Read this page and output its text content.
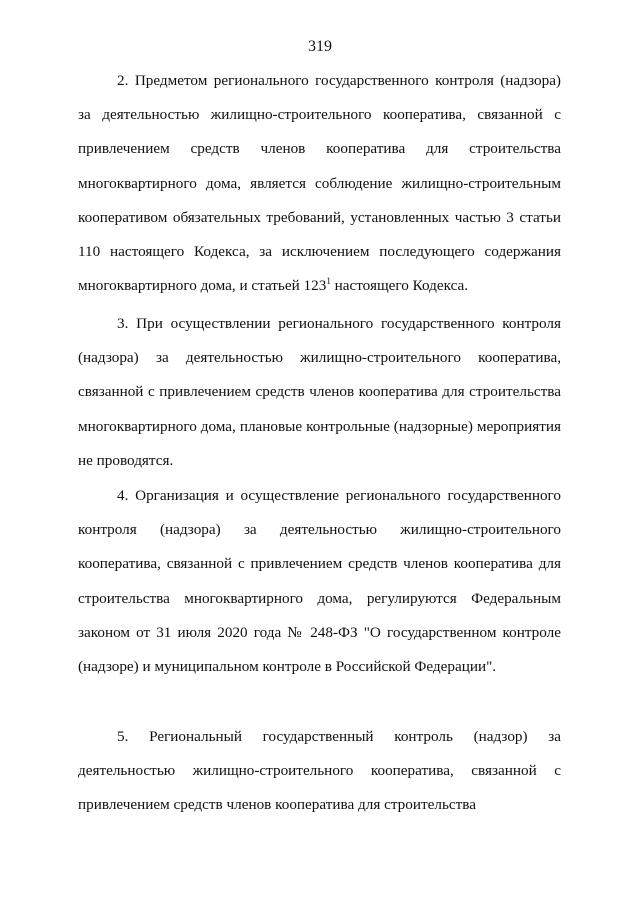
319

2. Предметом регионального государственного контроля (надзора) за деятельностью жилищно-строительного кооператива, связанной с привлечением средств членов кооператива для строительства многоквартирного дома, является соблюдение жилищно-строительным кооперативом обязательных требований, установленных частью 3 статьи 110 настоящего Кодекса, за исключением последующего содержания многоквартирного дома, и статьей $123^1$ настоящего Кодекса.

3. При осуществлении регионального государственного контроля (надзора) за деятельностью жилищно-строительного кооператива, связанной с привлечением средств членов кооператива для строительства многоквартирного дома, плановые контрольные (надзорные) мероприятия не проводятся.

4. Организация и осуществление регионального государственного контроля (надзора) за деятельностью жилищно-строительного кооператива, связанной с привлечением средств членов кооператива для строительства многоквартирного дома, регулируются Федеральным законом от 31 июля 2020 года № 248-ФЗ "О государственном контроле (надзоре) и муниципальном контроле в Российской Федерации".

5. Региональный государственный контроль (надзор) за деятельностью жилищно-строительного кооператива, связанной с привлечением средств членов кооператива для строительства
